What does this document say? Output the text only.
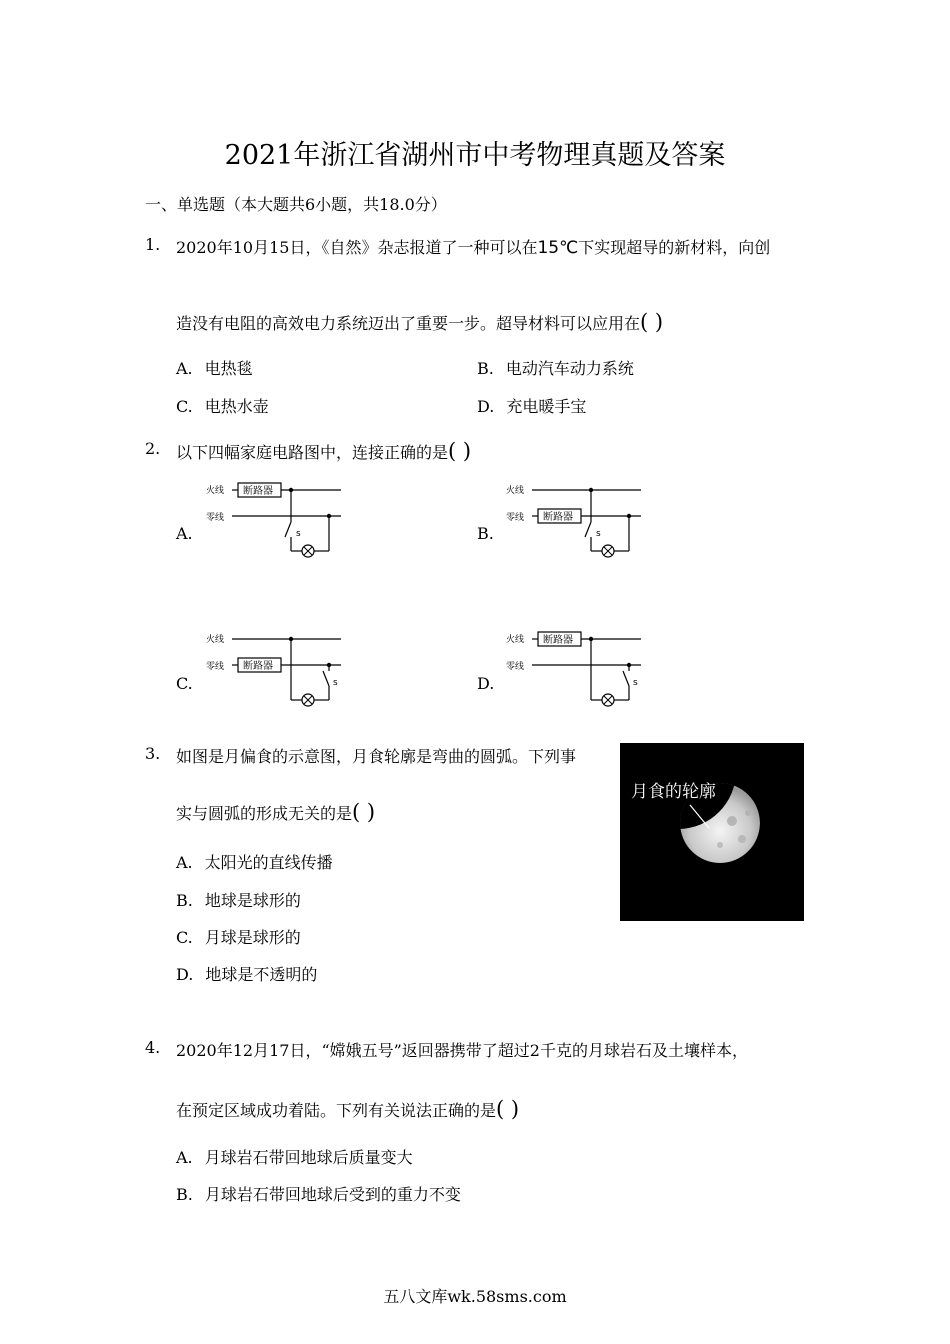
2021年浙江省湖州市中考物理真题及答案
一、单选题（本大题共6小题，共18.0分）
1. 2020年10月15日，《自然》杂志报道了一种可以在15℃下实现超导的新材料，向创
造没有电阻的高效电力系统迈出了重要一步。超导材料可以应用在( )
A. 电热毯	B. 电动汽车动力系统
C. 电热水壶	D. 充电暖手宝
2. 以下四幅家庭电路图中，连接正确的是( )
A.	B.
C.	D.
火线
零线
断路器
s
火线
零线 断路器
s
火线
零线 断路器
s
火线
零线
断路器
s
3. 如图是月偏食的示意图，月食轮廓是弯曲的圆弧。下列事
实与圆弧的形成无关的是( )
月食的轮廓
A. 太阳光的直线传播
B. 地球是球形的
C. 月球是球形的
D. 地球是不透明的
4. 2020年12月17日，“嫦娥五号”返回器携带了超过2千克的月球岩石及土壤样本，
在预定区域成功着陆。下列有关说法正确的是( )
A. 月球岩石带回地球后质量变大
B. 月球岩石带回地球后受到的重力不变
五八文库wk.58sms.com
